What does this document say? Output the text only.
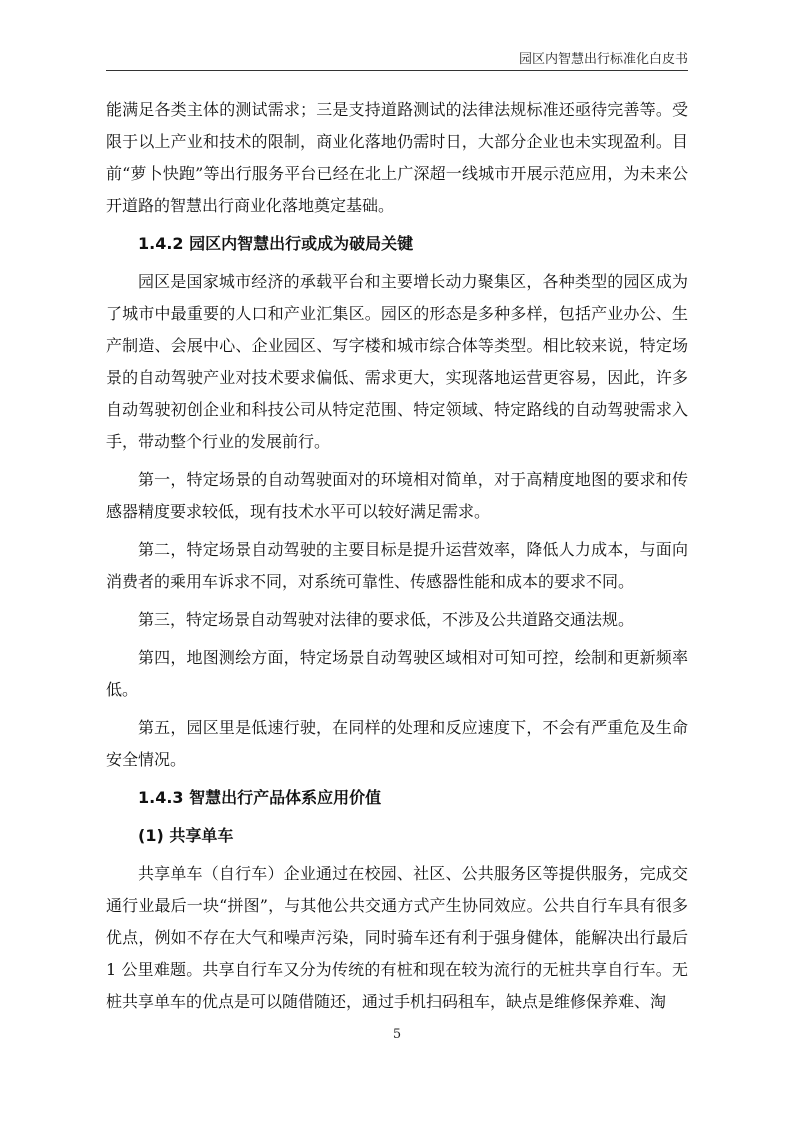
园区内智慧出行标准化白皮书

能满足各类主体的测试需求；三是支持道路测试的法律法规标准还亟待完善等。受限于以上产业和技术的限制，商业化落地仍需时日，大部分企业也未实现盈利。目前“萝卜快跑”等出行服务平台已经在北上广深超一线城市开展示范应用，为未来公开道路的智慧出行商业化落地奠定基础。

1.4.2 园区内智慧出行或成为破局关键

园区是国家城市经济的承载平台和主要增长动力聚集区，各种类型的园区成为了城市中最重要的人口和产业汇集区。园区的形态是多种多样，包括产业办公、生产制造、会展中心、企业园区、写字楼和城市综合体等类型。相比较来说，特定场景的自动驾驶产业对技术要求偏低、需求更大，实现落地运营更容易，因此，许多自动驾驶初创企业和科技公司从特定范围、特定领域、特定路线的自动驾驶需求入手，带动整个行业的发展前行。

第一，特定场景的自动驾驶面对的环境相对简单，对于高精度地图的要求和传感器精度要求较低，现有技术水平可以较好满足需求。

第二，特定场景自动驾驶的主要目标是提升运营效率，降低人力成本，与面向消费者的乘用车诉求不同，对系统可靠性、传感器性能和成本的要求不同。

第三，特定场景自动驾驶对法律的要求低，不涉及公共道路交通法规。

第四，地图测绘方面，特定场景自动驾驶区域相对可知可控，绘制和更新频率低。

第五，园区里是低速行驶，在同样的处理和反应速度下，不会有严重危及生命安全情况。

1.4.3 智慧出行产品体系应用价值
(1) 共享单车

共享单车（自行车）企业通过在校园、社区、公共服务区等提供服务，完成交通行业最后一块“拼图”，与其他公共交通方式产生协同效应。公共自行车具有很多优点，例如不存在大气和噪声污染，同时骑车还有利于强身健体，能解决出行最后 1 公里难题。共享自行车又分为传统的有桩和现在较为流行的无桩共享自行车。无桩共享单车的优点是可以随借随还，通过手机扫码租车，缺点是维修保养难、淘

5
